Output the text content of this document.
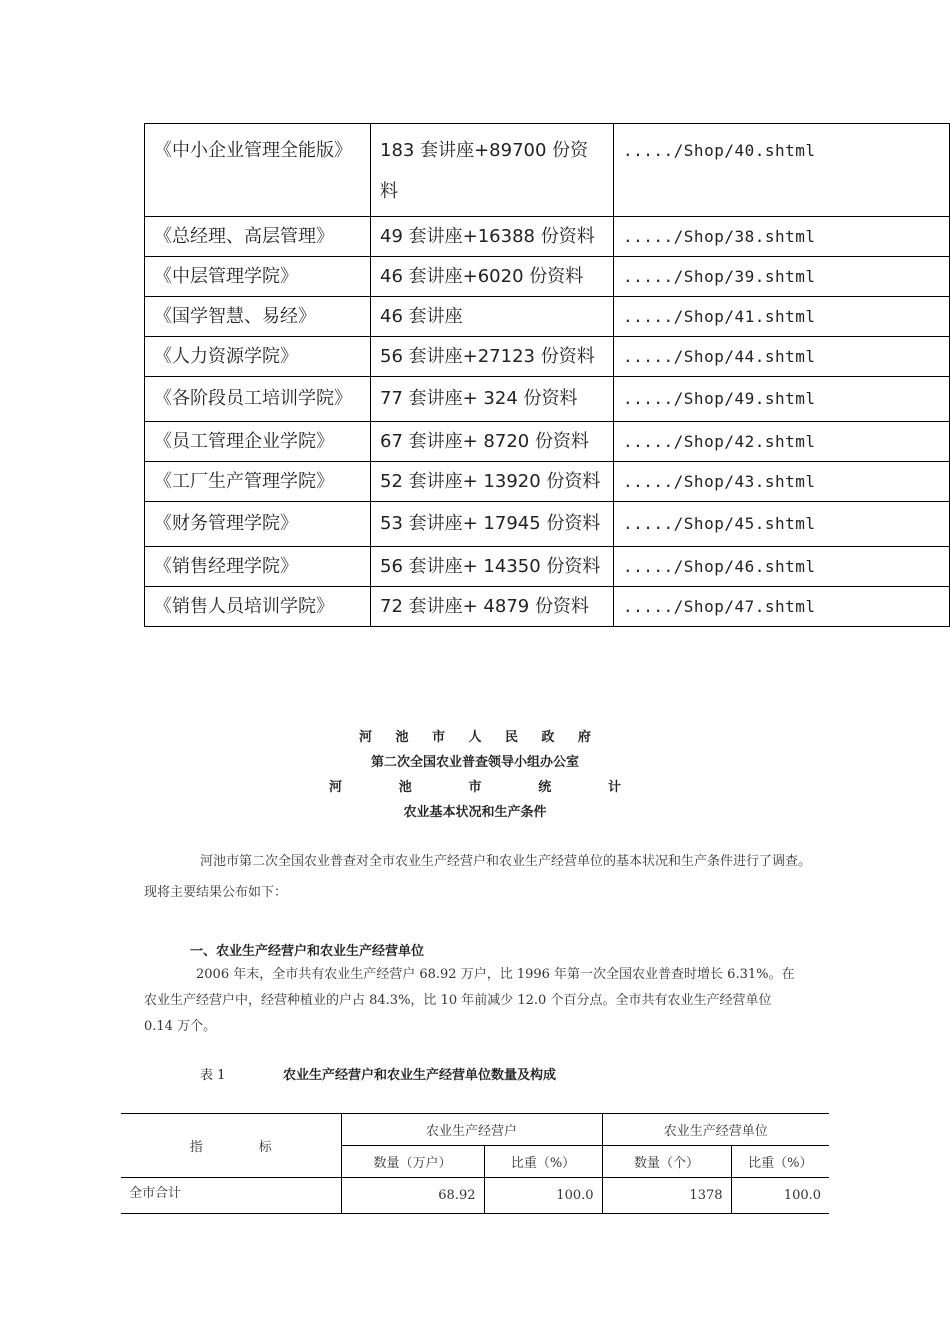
《中小企业管理全能版》	183 套讲座+89700 份资料	...../Shop/40.shtml
《总经理、高层管理》	49 套讲座+16388 份资料	...../Shop/38.shtml
《中层管理学院》	46 套讲座+6020 份资料	...../Shop/39.shtml
《国学智慧、易经》	46 套讲座	...../Shop/41.shtml
《人力资源学院》	56 套讲座+27123 份资料	...../Shop/44.shtml
《各阶段员工培训学院》	77 套讲座+ 324 份资料	...../Shop/49.shtml
《员工管理企业学院》	67 套讲座+ 8720 份资料	...../Shop/42.shtml
《工厂生产管理学院》	52 套讲座+ 13920 份资料	...../Shop/43.shtml
《财务管理学院》	53 套讲座+ 17945 份资料	...../Shop/45.shtml
《销售经理学院》	56 套讲座+ 14350 份资料	...../Shop/46.shtml
《销售人员培训学院》	72 套讲座+ 4879 份资料	...../Shop/47.shtml
河 池 市 人 民 政 府
第二次全国农业普查领导小组办公室
河	池	市	统	计
农业基本状况和生产条件
河池市第二次全国农业普查对全市农业生产经营户和农业生产经营单位的基本状况和生产条件进行了调查。现将主要结果公布如下：
一、农业生产经营户和农业生产经营单位
2006 年末，全市共有农业生产经营户 68.92 万户，比 1996 年第一次全国农业普查时增长 6.31%。在农业生产经营户中，经营种植业的户占 84.3%，比 10 年前减少 12.0 个百分点。全市共有农业生产经营单位 0.14 万个。
表 1	农业生产经营户和农业生产经营单位数量及构成
指 标	农业生产经营户		农业生产经营单位	
	数量（万户）	比重（%）	数量（个）	比重（%）
全市合计	68.92	100.0	1378	100.0
